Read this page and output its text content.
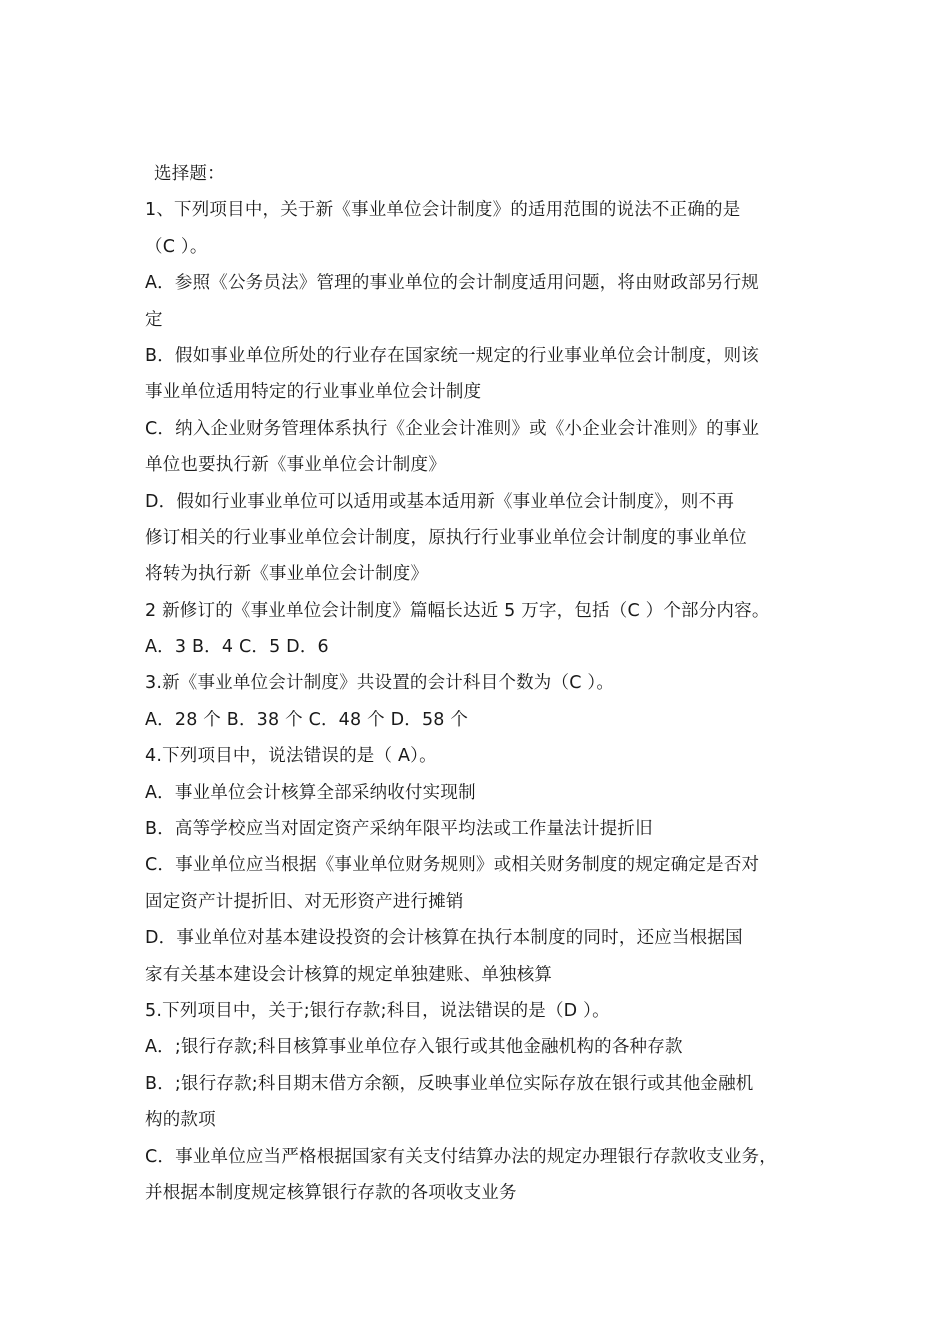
选择题：
1、下列项目中，关于新《事业单位会计制度》的适用范围的说法不正确的是
（C ）。
A．参照《公务员法》管理的事业单位的会计制度适用问题，将由财政部另行规
定
B．假如事业单位所处的行业存在国家统一规定的行业事业单位会计制度，则该
事业单位适用特定的行业事业单位会计制度
C．纳入企业财务管理体系执行《企业会计准则》或《小企业会计准则》的事业
单位也要执行新《事业单位会计制度》
D．假如行业事业单位可以适用或基本适用新《事业单位会计制度》，则不再
修订相关的行业事业单位会计制度，原执行行业事业单位会计制度的事业单位
将转为执行新《事业单位会计制度》
2 新修订的《事业单位会计制度》篇幅长达近 5 万字，包括（C ）个部分内容。
A．3 B．4 C．5 D．6
3.新《事业单位会计制度》共设置的会计科目个数为（C ）。
A．28 个 B．38 个 C．48 个 D．58 个
4.下列项目中，说法错误的是（ A）。
A．事业单位会计核算全部采纳收付实现制
B．高等学校应当对固定资产采纳年限平均法或工作量法计提折旧
C．事业单位应当根据《事业单位财务规则》或相关财务制度的规定确定是否对
固定资产计提折旧、对无形资产进行摊销
D．事业单位对基本建设投资的会计核算在执行本制度的同时，还应当根据国
家有关基本建设会计核算的规定单独建账、单独核算
5.下列项目中，关于;银行存款;科目，说法错误的是（D ）。
A．;银行存款;科目核算事业单位存入银行或其他金融机构的各种存款
B．;银行存款;科目期末借方余额，反映事业单位实际存放在银行或其他金融机
构的款项
C．事业单位应当严格根据国家有关支付结算办法的规定办理银行存款收支业务，
并根据本制度规定核算银行存款的各项收支业务
